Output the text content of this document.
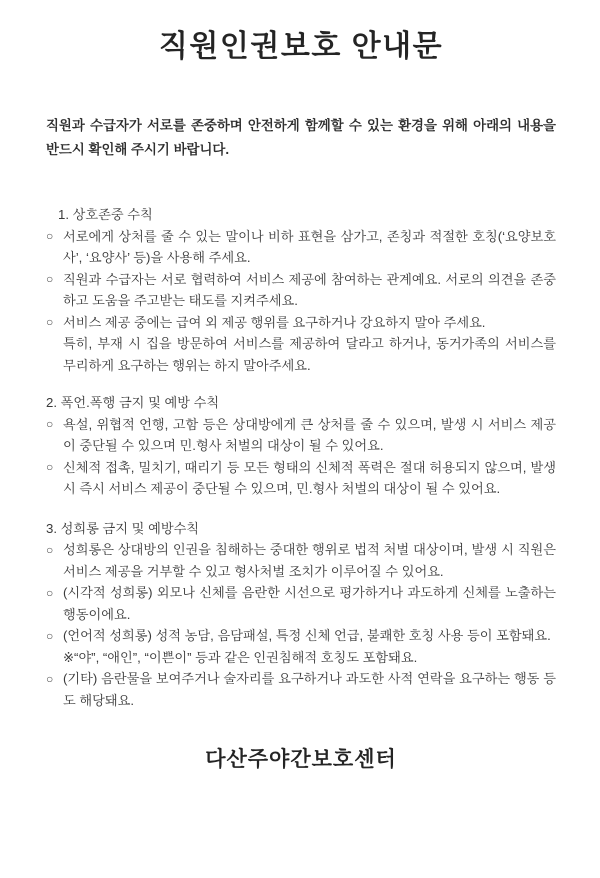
직원인권보호 안내문

직원과 수급자가 서로를 존중하며 안전하게 함께할 수 있는 환경을 위해 아래의 내용을 반드시 확인해 주시기 바랍니다.

1. 상호존중 수칙

○ 서로에게 상처를 줄 수 있는 말이나 비하 표현을 삼가고, 존칭과 적절한 호칭(‘요양보호사’, ‘요양사’ 등)을 사용해 주세요.
○ 직원과 수급자는 서로 협력하여 서비스 제공에 참여하는 관계예요. 서로의 의견을 존중하고 도움을 주고받는 태도를 지켜주세요.
○ 서비스 제공 중에는 급여 외 제공 행위를 요구하거나 강요하지 말아 주세요.
특히, 부재 시 집을 방문하여 서비스를 제공하여 달라고 하거나, 동거가족의 서비스를 무리하게 요구하는 행위는 하지 말아주세요.

2. 폭언.폭행 금지 및 예방 수칙

○ 욕설, 위협적 언행, 고함 등은 상대방에게 큰 상처를 줄 수 있으며, 발생 시 서비스 제공이 중단될 수 있으며 민.형사 처벌의 대상이 될 수 있어요.
○ 신체적 접촉, 밀치기, 때리기 등 모든 형태의 신체적 폭력은 절대 허용되지 않으며, 발생 시 즉시 서비스 제공이 중단될 수 있으며, 민.형사 처벌의 대상이 될 수 있어요.

3. 성희롱 금지 및 예방수칙

○ 성희롱은 상대방의 인권을 침해하는 중대한 행위로 법적 처벌 대상이며, 발생 시 직원은 서비스 제공을 거부할 수 있고 형사처벌 조치가 이루어질 수 있어요.
○ (시각적 성희롱) 외모나 신체를 음란한 시선으로 평가하거나 과도하게 신체를 노출하는 행동이에요.
○ (언어적 성희롱) 성적 농담, 음담패설, 특정 신체 언급, 불쾌한 호칭 사용 등이 포함돼요.
※“야”, “애인”, “이쁜이” 등과 같은 인권침해적 호칭도 포함돼요.
○ (기타) 음란물을 보여주거나 술자리를 요구하거나 과도한 사적 연락을 요구하는 행동 등도 해당돼요.
다산주야간보호센터
